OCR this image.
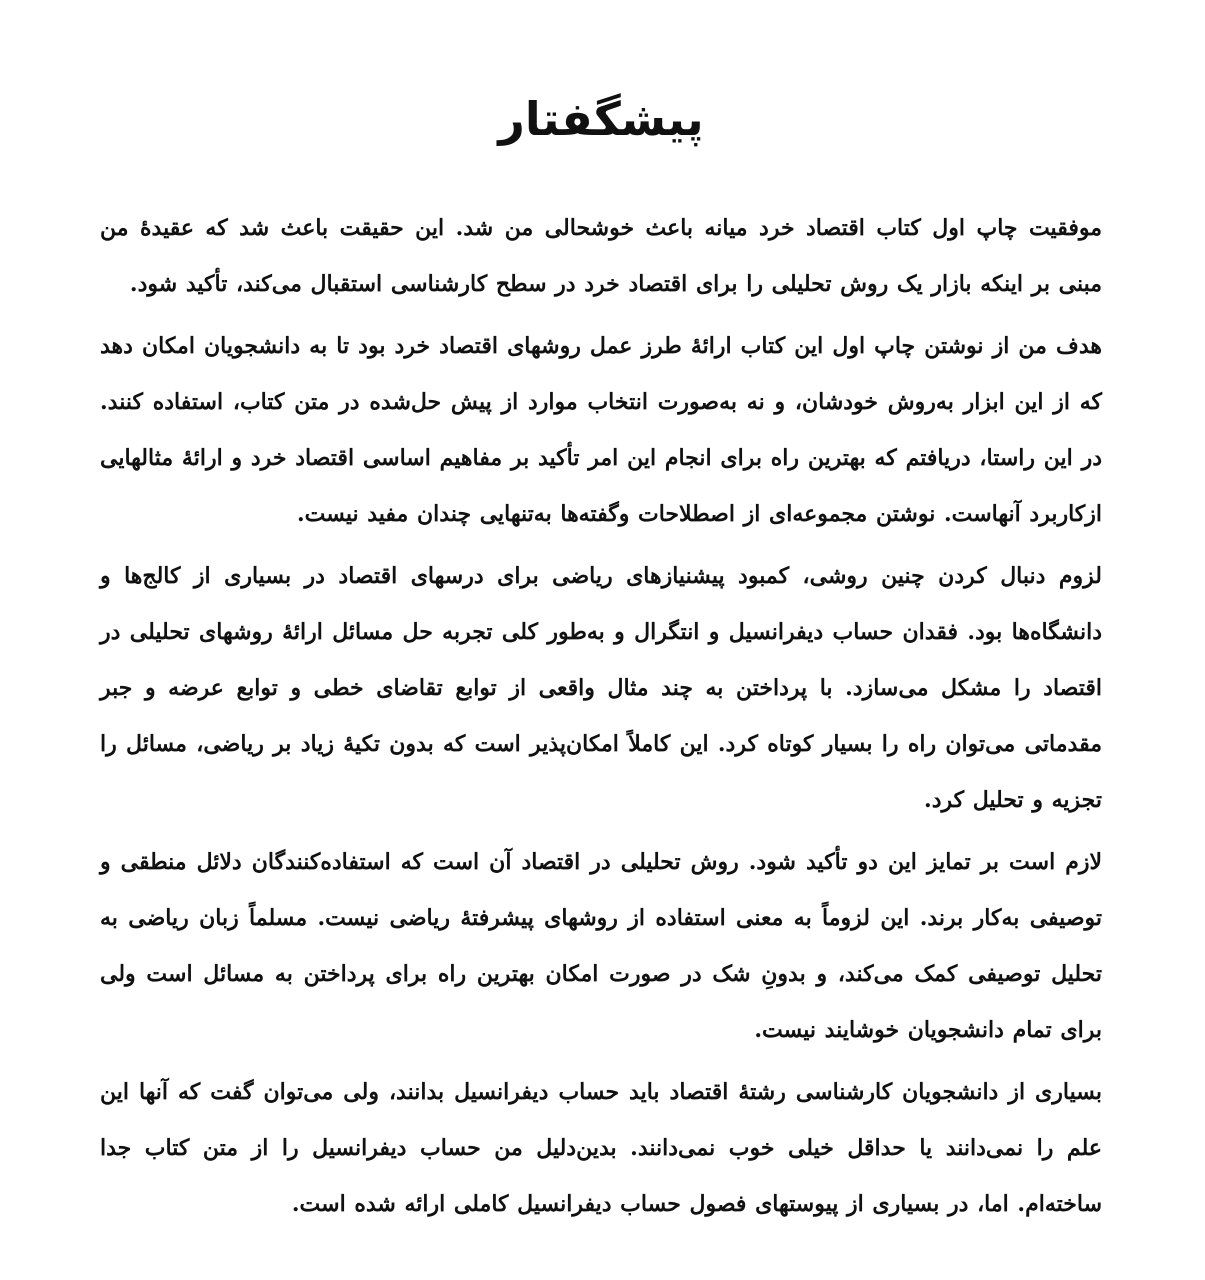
پیشگفتار

موفقیت چاپ اول کتاب اقتصاد خرد میانه باعث خوشحالی من شد. این حقیقت باعث شد که عقیدهٔ من مبنی بر اینکه بازار یک روش تحلیلی را برای اقتصاد خرد در سطح کارشناسی استقبال می‌کند، تأکید شود.

هدف من از نوشتن چاپ اول این کتاب ارائهٔ طرز عمل روشهای اقتصاد خرد بود تا به دانشجویان امکان دهد که از این ابزار به‌روش خودشان، و نه به‌صورت انتخاب موارد از پیش حل‌شده در متن کتاب، استفاده کنند. در این راستا، دریافتم که بهترین راه برای انجام این امر تأکید بر مفاهیم اساسی اقتصاد خرد و ارائهٔ مثالهایی ازکاربرد آنهاست. نوشتن مجموعه‌ای از اصطلاحات وگفته‌ها به‌تنهایی چندان مفید نیست.

لزوم دنبال کردن چنین روشی، کمبود پیشنیازهای ریاضی برای درسهای اقتصاد در بسیاری از کالج‌ها و دانشگاه‌ها بود. فقدان حساب دیفرانسیل و انتگرال و به‌طور کلی تجربه حل مسائل ارائهٔ روشهای تحلیلی در اقتصاد را مشکل می‌سازد. با پرداختن به چند مثال واقعی از توابع تقاضای خطی و توابع عرضه و جبر مقدماتی می‌توان راه را بسیار کوتاه کرد. این کاملاً امکان‌پذیر است که بدون تکیهٔ زیاد بر ریاضی، مسائل را تجزیه و تحلیل کرد.

لازم است بر تمایز این دو تأکید شود. روش تحلیلی در اقتصاد آن است که استفاده‌کنندگان دلائل منطقی و توصیفی به‌کار برند. این لزوماً به معنی استفاده از روشهای پیشرفتهٔ ریاضی نیست. مسلماً زبان ریاضی به تحلیل توصیفی کمک می‌کند، و بدونِ شک در صورت امکان بهترین راه برای پرداختن به مسائل است ولی برای تمام دانشجویان خوشایند نیست.

بسیاری از دانشجویان کارشناسی رشتهٔ اقتصاد باید حساب دیفرانسیل بدانند، ولی می‌توان گفت که آنها این علم را نمی‌دانند یا حداقل خیلی خوب نمی‌دانند. بدین‌دلیل من حساب دیفرانسیل را از متن کتاب جدا ساخته‌ام. اما، در بسیاری از پیوستهای فصول حساب دیفرانسیل کاملی ارائه شده است.
